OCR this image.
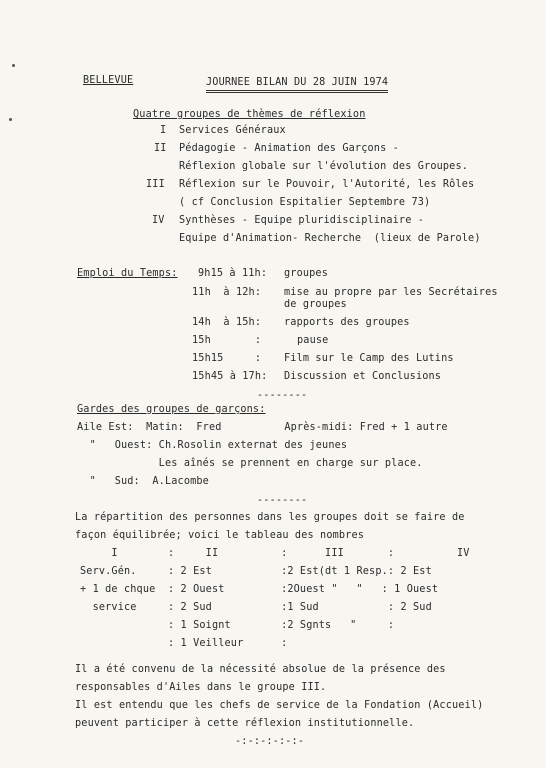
BELLEVUE	JOURNEE BILAN DU 28 JUIN 1974
Quatre groupes de thèmes de réflexion
I Services Généraux
II Pédagogie - Animation des Garçons -
Réflexion globale sur l'évolution des Groupes.
III Réflexion sur le Pouvoir, l'Autorité, les Rôles
( cf Conclusion Espitalier Septembre 73)
IV Synthèses - Equipe pluridisciplinaire -
Equipe d'Animation- Recherche  (lieux de Parole)
Emploi du Temps: 9h15 à 11h: groupes
11h  à 12h: mise au propre par les Secrétaires
de groupes
14h  à 15h: rapports des groupes
15h       :	pause
15h15     : Film sur le Camp des Lutins
15h45 à 17h: Discussion et Conclusions
--------
Gardes des groupes de garçons:
Aile Est:  Matin:  Fred          Après-midi: Fred + 1 autre
"   Ouest: Ch.Rosolin externat des jeunes
Les aînés se prennent en charge sur place.
"   Sud:  A.Lacombe
--------
La répartition des personnes dans les groupes doit se faire de
façon équilibrée; voici le tableau des nombres
I        :     II          :      III       :          IV
Serv.Gén.     : 2 Est           :2 Est(dt 1 Resp.: 2 Est
+ 1 de chque  : 2 Ouest         :2Ouest "   "   : 1 Ouest
service     : 2 Sud           :1 Sud           : 2 Sud
: 1 Soignt        :2 Sgnts   "     :
: 1 Veilleur      :
Il a été convenu de la nécessité absolue de la présence des
responsables d'Ailes dans le groupe III.
Il est entendu que les chefs de service de la Fondation (Accueil)
peuvent participer à cette réflexion institutionnelle.
-:-:-:-:-:-
